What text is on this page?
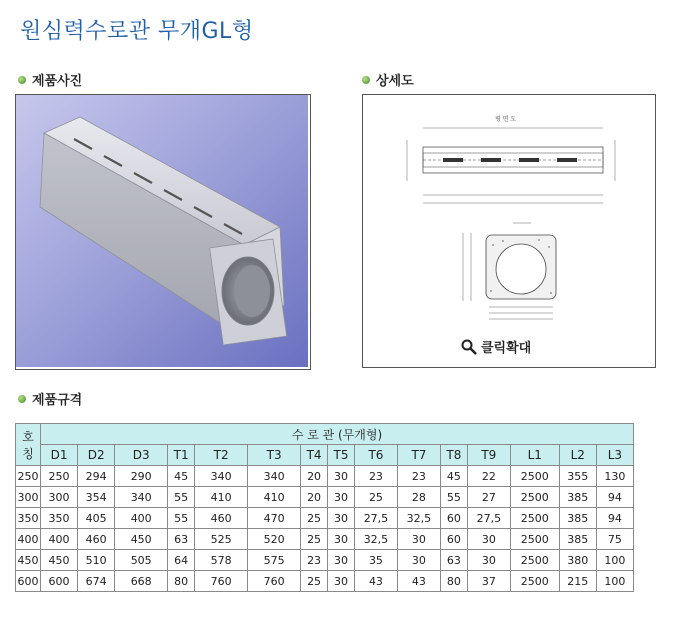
원심력수로관 무개GL형
제품사진	상세도
평 면 도
클릭확대
제품규격
호
칭	수 로 관 (무개형)														
	D1	D2	D3	T1	T2	T3	T4	T5	T6	T7	T8	T9	L1	L2	L3
250	250	294	290	45	340	340	20	30	23	23	45	22	2500	355	130
300	300	354	340	55	410	410	20	30	25	28	55	27	2500	385	94
350	350	405	400	55	460	470	25	30	27,5	32,5	60	27,5	2500	385	94
400	400	460	450	63	525	520	25	30	32,5	30	60	30	2500	385	75
450	450	510	505	64	578	575	23	30	35	30	63	30	2500	380	100
600	600	674	668	80	760	760	25	30	43	43	80	37	2500	215	100
